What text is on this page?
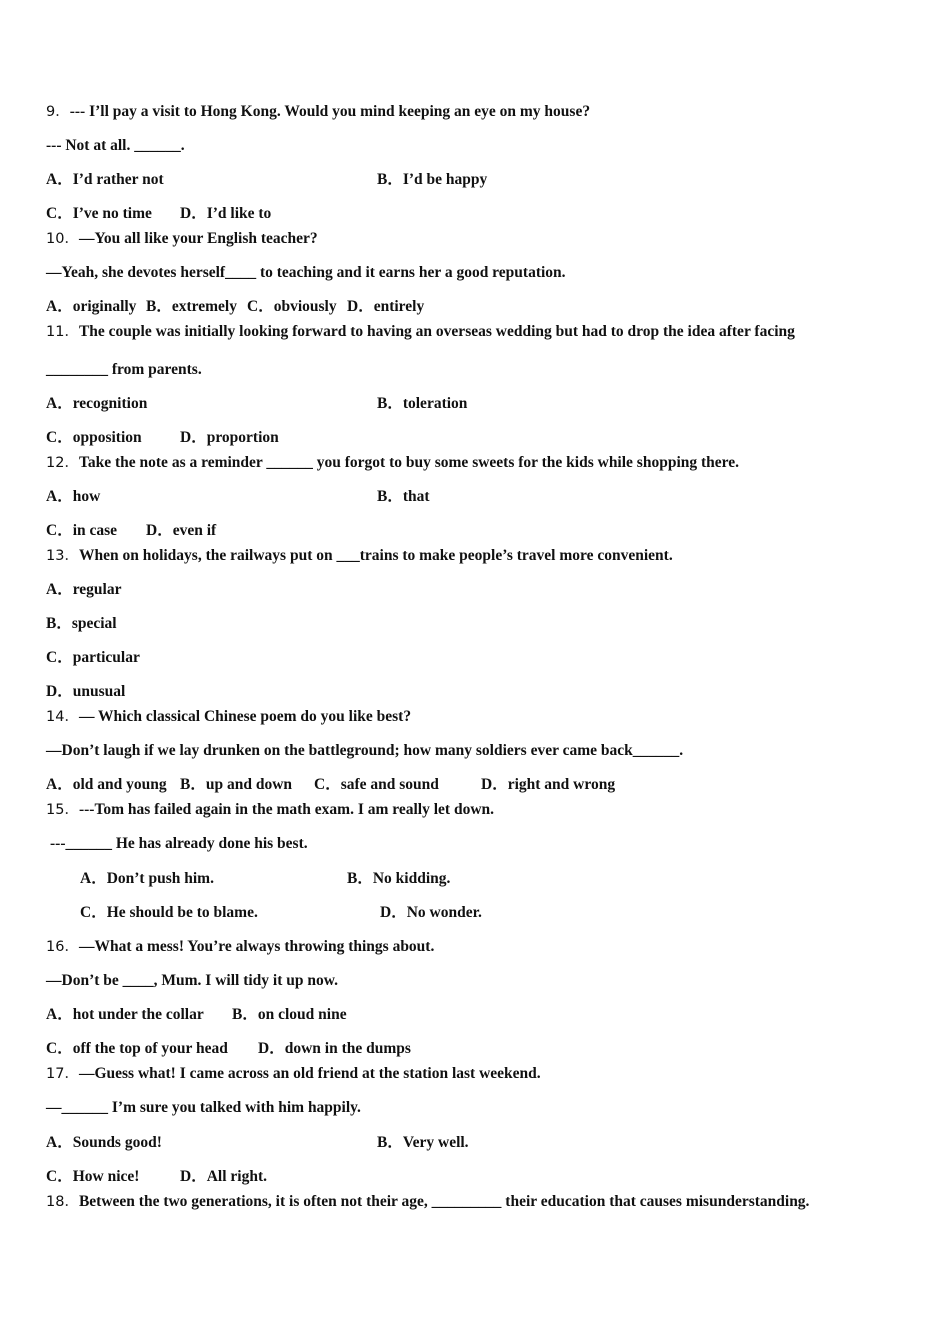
9．--- I’ll pay a visit to Hong Kong. Would you mind keeping an eye on my house?
--- Not at all. ______.
A．I’d rather not	B．I’d be happy
C．I’ve no time D．I’d like to
10．—You all like your English teacher?
—Yeah, she devotes herself____ to teaching and it earns her a good reputation.
A．originally B．extremely C．obviously D．entirely
11．The couple was initially looking forward to having an overseas wedding but had to drop the idea after facing
________ from parents.
A．recognition	B．toleration
C．opposition D．proportion
12．Take the note as a reminder ______ you forgot to buy some sweets for the kids while shopping there.
A．how	B．that
C．in case D．even if
13．When on holidays, the railways put on ___trains to make people’s travel more convenient.
A．regular
B．special
C．particular
D．unusual
14．— Which classical Chinese poem do you like best?
—Don’t laugh if we lay drunken on the battleground; how many soldiers ever came back______.
A．old and young B．up and down C．safe and sound	D．right and wrong
15．---Tom has failed again in the math exam. I am really let down.
---______ He has already done his best.
A．Don’t push him.	B．No kidding.
C．He should be to blame.	D．No wonder.
16．—What a mess! You’re always throwing things about.
—Don’t be ____, Mum. I will tidy it up now.
A．hot under the collar B．on cloud nine
C．off the top of your head D．down in the dumps
17．—Guess what! I came across an old friend at the station last weekend.
—______ I’m sure you talked with him happily.
A．Sounds good!	B．Very well.
C．How nice!	D．All right.
18．Between the two generations, it is often not their age, _________ their education that causes misunderstanding.
